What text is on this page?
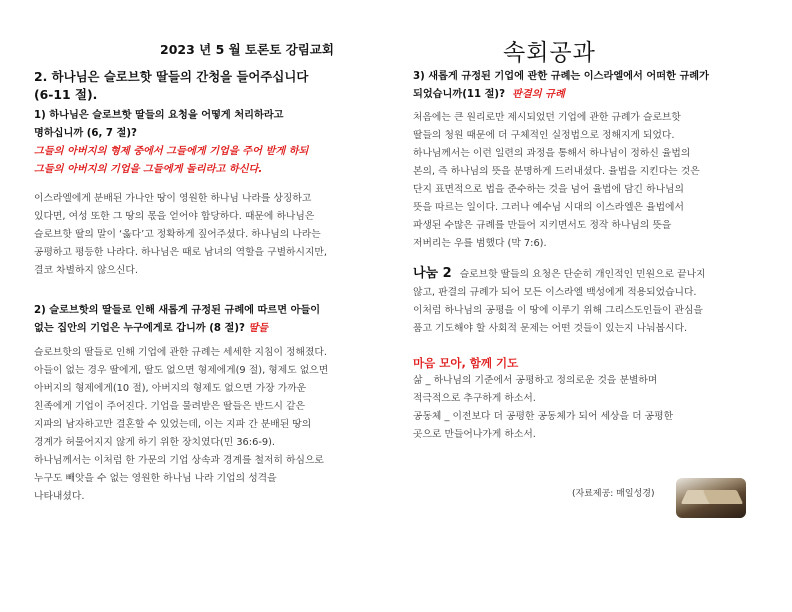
2023 년 5 월 토론토 강림교회	속회공과
2. 하나님은 슬로브핫 딸들의 간청을 들어주십니다
(6-11 절).
1) 하나님은 슬로브핫 딸들의 요청을 어떻게 처리하라고
명하십니까 (6, 7 절)?
그들의 아버지의 형제 중에서 그들에게 기업을 주어 받게 하되
그들의 아버지의 기업을 그들에게 돌리라고 하신다.
이스라엘에게 분배된 가나안 땅이 영원한 하나님 나라를 상징하고
있다면, 여성 또한 그 땅의 몫을 얻어야 합당하다. 때문에 하나님은
슬로브핫 딸의 말이 ‘옳다’고 정확하게 짚어주셨다. 하나님의 나라는
공평하고 평등한 나라다. 하나님은 때로 남녀의 역할을 구별하시지만,
결코 차별하지 않으신다.
2) 슬로브핫의 딸들로 인해 새롭게 규정된 규례에 따르면 아들이
없는 집안의 기업은 누구에게로 갑니까 (8 절)? 딸들
슬로브핫의 딸들로 인해 기업에 관한 규례는 세세한 지침이 정해졌다.
아들이 없는 경우 딸에게, 딸도 없으면 형제에게(9 절), 형제도 없으면
아버지의 형제에게(10 절), 아버지의 형제도 없으면 가장 가까운
친족에게 기업이 주어진다. 기업을 물려받은 딸들은 반드시 같은
지파의 남자하고만 결혼할 수 있었는데, 이는 지파 간 분배된 땅의
경계가 허물어지지 않게 하기 위한 장치였다(민 36:6-9).
하나님께서는 이처럼 한 가문의 기업 상속과 경계를 철저히 하심으로
누구도 빼앗을 수 없는 영원한 하나님 나라 기업의 성격을
나타내셨다.
3) 새롭게 규정된 기업에 관한 규례는 이스라엘에서 어떠한 규례가
되었습니까(11 절)? 판결의 규례
처음에는 큰 원리로만 제시되었던 기업에 관한 규례가 슬로브핫
딸들의 청원 때문에 더 구체적인 실정법으로 정해지게 되었다.
하나님께서는 이런 일련의 과정을 통해서 하나님이 정하신 율법의
본의, 즉 하나님의 뜻을 분명하게 드러내셨다. 율법을 지킨다는 것은
단지 표면적으로 법을 준수하는 것을 넘어 율법에 담긴 하나님의
뜻을 따르는 일이다. 그러나 예수님 시대의 이스라엘은 율법에서
파생된 수많은 규례를 만들어 지키면서도 정작 하나님의 뜻을
저버리는 우를 범했다 (막 7:6).
나눔 2 슬로브핫 딸들의 요청은 단순히 개인적인 민원으로 끝나지
않고, 판결의 규례가 되어 모든 이스라엘 백성에게 적용되었습니다.
이처럼 하나님의 공평을 이 땅에 이루기 위해 그리스도인들이 관심을
품고 기도해야 할 사회적 문제는 어떤 것들이 있는지 나눠봅시다.
마음 모아, 함께 기도
삶 _ 하나님의 기준에서 공평하고 정의로운 것을 분별하며
적극적으로 추구하게 하소서.
공동체 _ 이전보다 더 공평한 공동체가 되어 세상을 더 공평한
곳으로 만들어나가게 하소서.
(자료제공: 매일성경)
